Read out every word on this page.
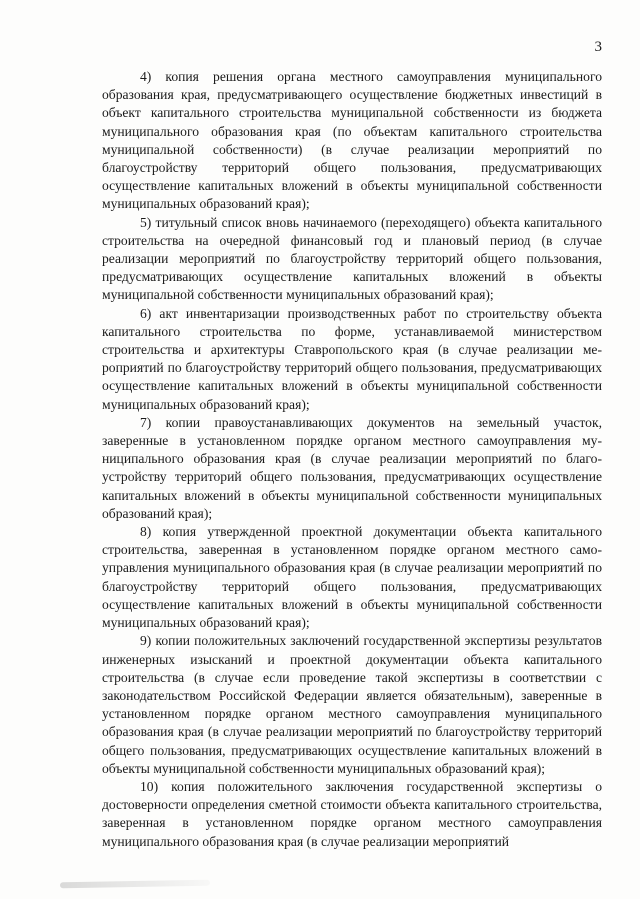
3

4) копия решения органа местного самоуправления муниципального образования края, предусматривающего осуществление бюджетных инвестиций в объект капитального строительства муниципальной собственности из бюджета муниципального образования края (по объектам капитального строительства муниципальной собственности) (в случае реализации мероприятий по благоустройству территорий общего пользования, предусматривающих осуществление капитальных вложений в объекты муниципальной собственности муниципальных образований края);

5) титульный список вновь начинаемого (переходящего) объекта капитального строительства на очередной финансовый год и плановый период (в случае реализации мероприятий по благоустройству территорий общего пользования, предусматривающих осуществление капитальных вложений в объекты муниципальной собственности муниципальных образований края);

6) акт инвентаризации производственных работ по строительству объекта капитального строительства по форме, устанавливаемой министерством строительства и архитектуры Ставропольского края (в случае реализации мероприятий по благоустройству территорий общего пользования, предусматривающих осуществление капитальных вложений в объекты муниципальной собственности муниципальных образований края);

7) копии правоустанавливающих документов на земельный участок, заверенные в установленном порядке органом местного самоуправления муниципального образования края (в случае реализации мероприятий по благоустройству территорий общего пользования, предусматривающих осуществление капитальных вложений в объекты муниципальной собственности муниципальных образований края);

8) копия утвержденной проектной документации объекта капитального строительства, заверенная в установленном порядке органом местного самоуправления муниципального образования края (в случае реализации мероприятий по благоустройству территорий общего пользования, предусматривающих осуществление капитальных вложений в объекты муниципальной собственности муниципальных образований края);

9) копии положительных заключений государственной экспертизы результатов инженерных изысканий и проектной документации объекта капитального строительства (в случае если проведение такой экспертизы в соответствии с законодательством Российской Федерации является обязательным), заверенные в установленном порядке органом местного самоуправления муниципального образования края (в случае реализации мероприятий по благоустройству территорий общего пользования, предусматривающих осуществление капитальных вложений в объекты муниципальной собственности муниципальных образований края);

10) копия положительного заключения государственной экспертизы о достоверности определения сметной стоимости объекта капитального строительства, заверенная в установленном порядке органом местного самоуправления муниципального образования края (в случае реализации мероприятий
